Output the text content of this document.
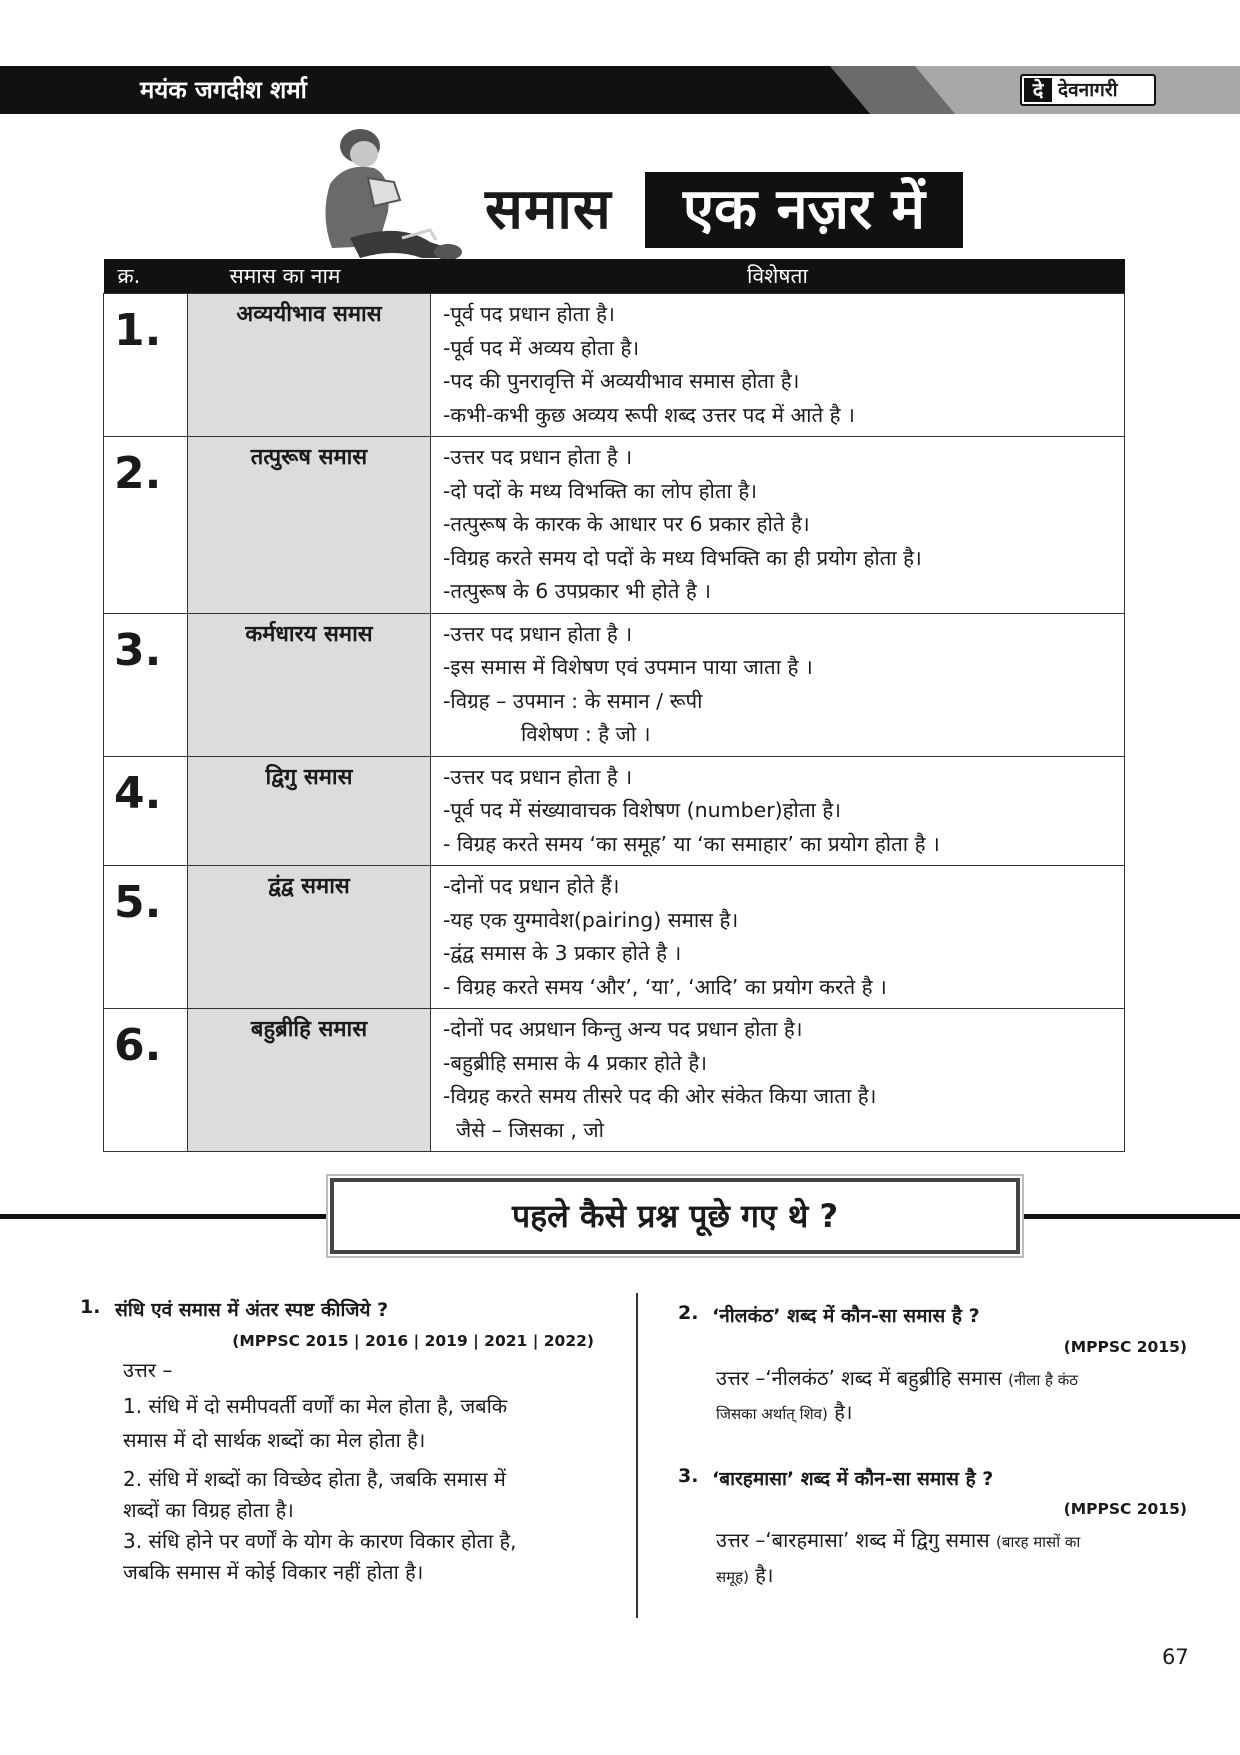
मयंक जगदीश शर्मा	दे देवनागरी
समास	एक नज़र में
क्र.	समास का नाम	विशेषता
1.	अव्ययीभाव समास	-पूर्व पद प्रधान होता है।
-पूर्व पद में अव्यय होता है।
-पद की पुनरावृत्ति में अव्ययीभाव समास होता है।
-कभी-कभी कुछ अव्यय रूपी शब्द उत्तर पद में आते है ।

2.	तत्पुरूष समास	-उत्तर पद प्रधान होता है ।
-दो पदों के मध्य विभक्ति का लोप होता है।
-तत्पुरूष के कारक के आधार पर 6 प्रकार होते है।
-विग्रह करते समय दो पदों के मध्य विभक्ति का ही प्रयोग होता है।
-तत्पुरूष के 6 उपप्रकार भी होते है ।

3.	कर्मधारय समास	-उत्तर पद प्रधान होता है ।
-इस समास में विशेषण एवं उपमान पाया जाता है ।
-विग्रह – उपमान : के समान / रूपी
विशेषण : है जो ।

4.	द्विगु समास	-उत्तर पद प्रधान होता है ।
-पूर्व पद में संख्यावाचक विशेषण (number)होता है।
- विग्रह करते समय ‘का समूह’ या ‘का समाहार’ का प्रयोग होता है ।

5.	द्वंद्व समास	-दोनों पद प्रधान होते हैं।
-यह एक युग्मावेश(pairing) समास है।
-द्वंद्व समास के 3 प्रकार होते है ।
- विग्रह करते समय ‘और’, ‘या’, ‘आदि’ का प्रयोग करते है ।

6.	बहुब्रीहि समास	-दोनों पद अप्रधान किन्तु अन्य पद प्रधान होता है।
-बहुब्रीहि समास के 4 प्रकार होते है।
-विग्रह करते समय तीसरे पद की ओर संकेत किया जाता है।
जैसे – जिसका , जो
पहले कैसे प्रश्न पूछे गए थे ?
1. संधि एवं समास में अंतर स्पष्ट कीजिये ?
(MPPSC 2015 | 2016 | 2019 | 2021 | 2022)
उत्तर –
1. संधि में दो समीपवर्ती वर्णों का मेल होता है, जबकि
समास में दो सार्थक शब्दों का मेल होता है।
2. संधि में शब्दों का विच्छेद होता है, जबकि समास में
शब्दों का विग्रह होता है।
3. संधि होने पर वर्णों के योग के कारण विकार होता है,
जबकि समास में कोई विकार नहीं होता है।
2. ‘नीलकंठ’ शब्द में कौन-सा समास है ?
(MPPSC 2015)
उत्तर –‘नीलकंठ’ शब्द में बहुब्रीहि समास (नीला है कंठ
जिसका अर्थात् शिव) है।
3. ‘बारहमासा’ शब्द में कौन-सा समास है ?
(MPPSC 2015)
उत्तर –‘बारहमासा’ शब्द में द्विगु समास (बारह मासों का
समूह) है।
67
